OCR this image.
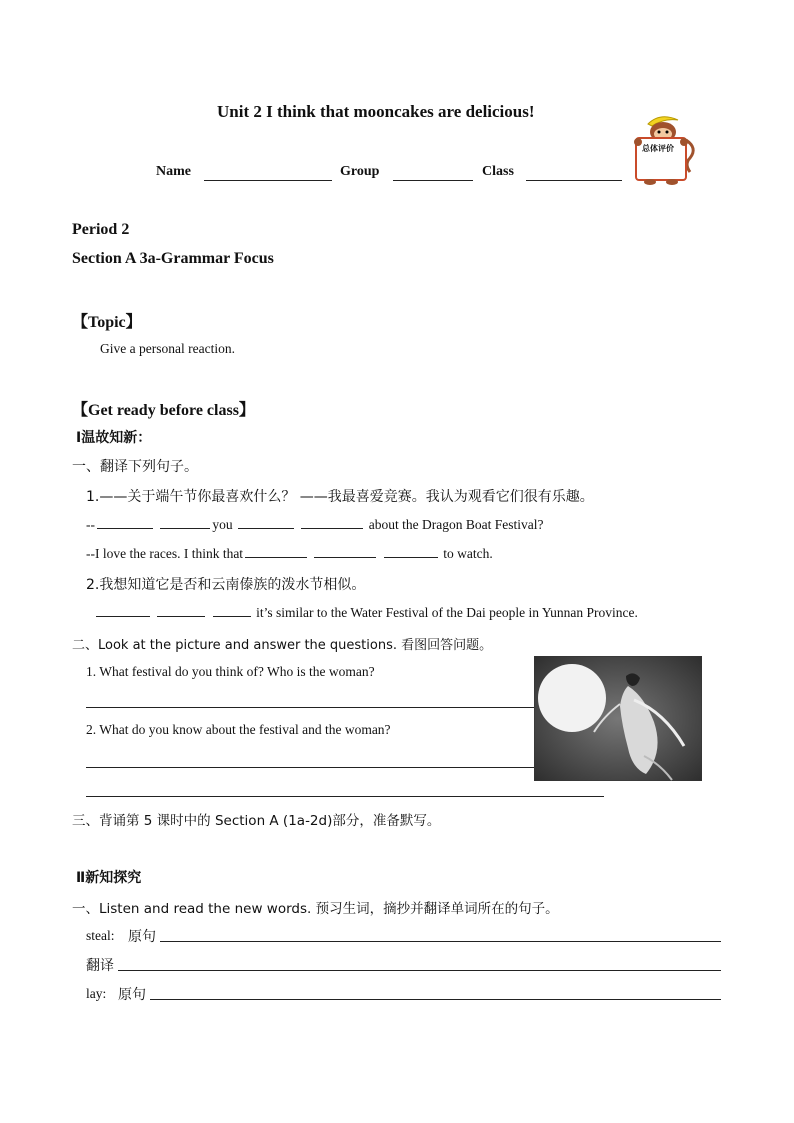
Unit 2 I think that mooncakes are delicious!
Name	Group	Class
总体评价
Period 2
Section A 3a-Grammar Focus
【Topic】
Give a personal reaction.
【Get ready before class】
Ⅰ温故知新：
一、翻译下列句子。
1.——关于端午节你最喜欢什么？ ——我最喜爱竞赛。我认为观看它们很有乐趣。
--	you	about the Dragon Boat Festival?
--I love the races. I think that	to watch.
2.我想知道它是否和云南傣族的泼水节相似。
it’s similar to the Water Festival of the Dai people in Yunnan Province.
二、Look at the picture and answer the questions. 看图回答问题。
1. What festival do you think of? Who is the woman?
2. What do you know about the festival and the woman?
三、背诵第 5 课时中的 Section A (1a-2d)部分，准备默写。
Ⅱ新知探究
一、Listen and read the new words. 预习生词，摘抄并翻译单词所在的句子。
steal: 原句
翻译
lay: 原句
